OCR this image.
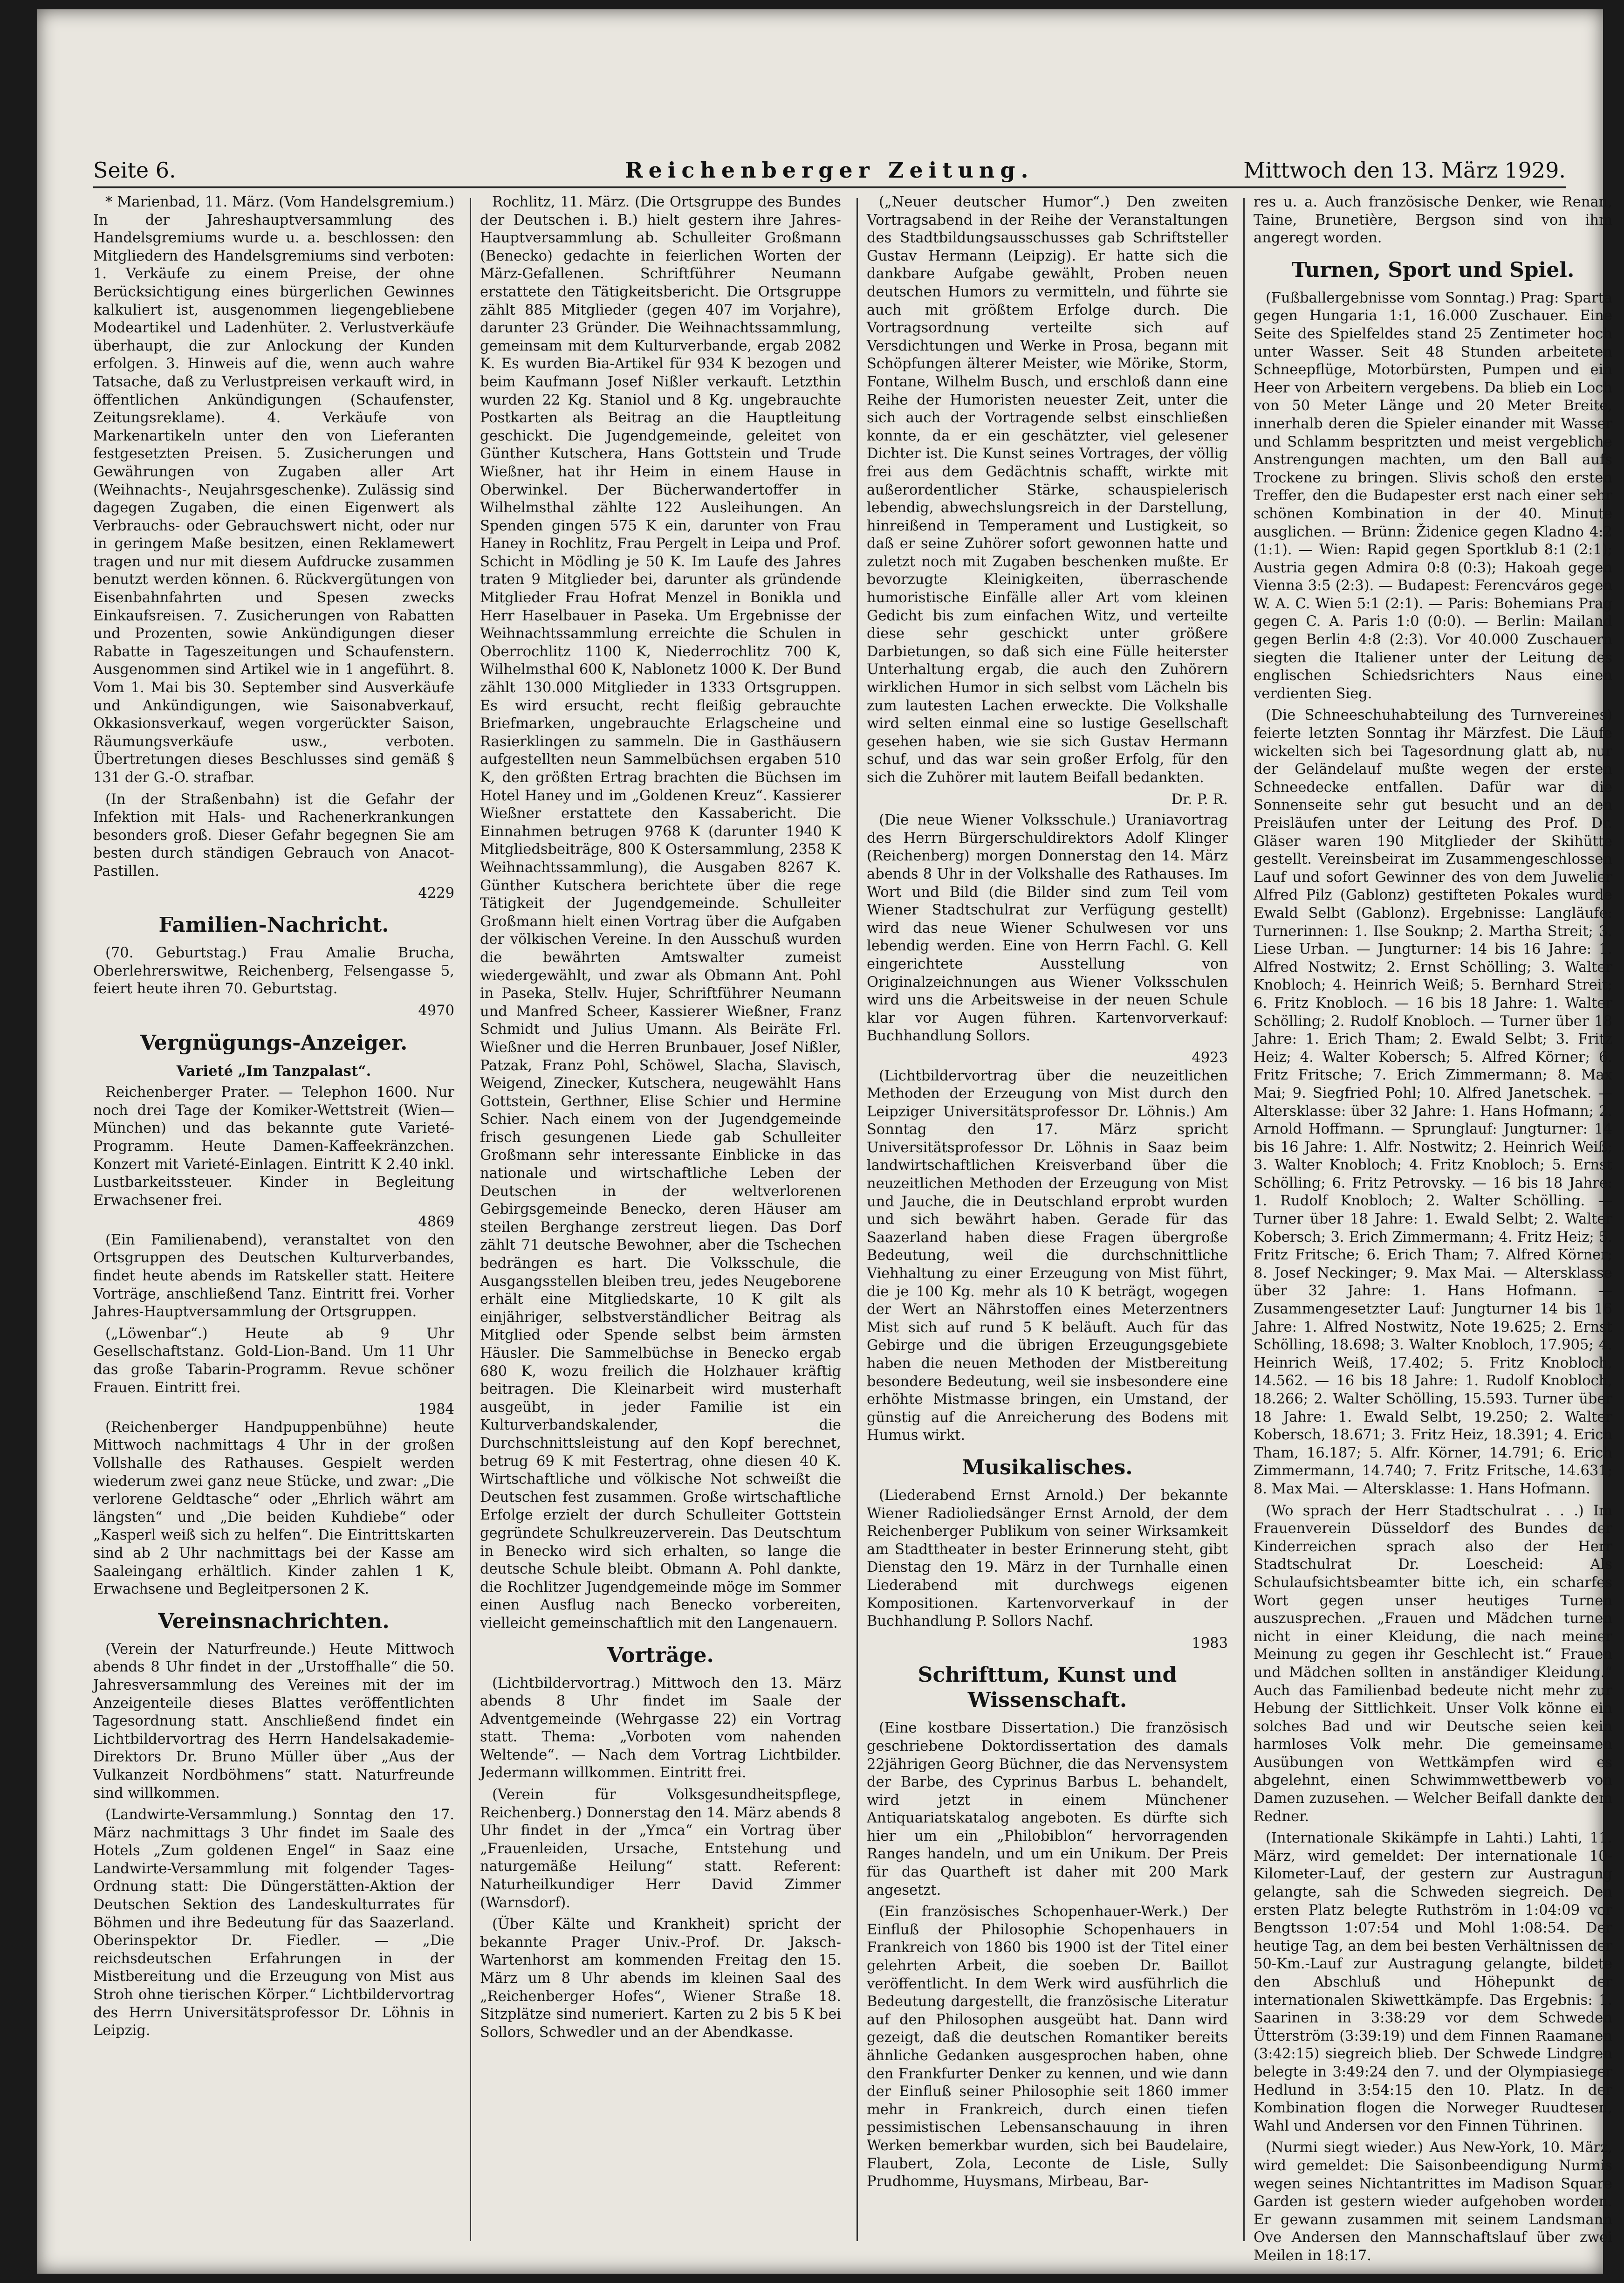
Seite 6.	Reichenberger Zeitung.	Mittwoch den 13. März 1929.

* Marienbad, 11. März. (Vom Handelsgremium.) In der Jahreshauptversammlung des Handelsgremiums wurde u. a. beschlossen: den Mitgliedern des Handelsgremiums sind verboten: 1. Verkäufe zu einem Preise, der ohne Berücksichtigung eines bürgerlichen Gewinnes kalkuliert ist, ausgenommen liegengebliebene Modeartikel und Ladenhüter. 2. Verlustverkäufe überhaupt, die zur Anlockung der Kunden erfolgen. 3. Hinweis auf die, wenn auch wahre Tatsache, daß zu Verlustpreisen verkauft wird, in öffentlichen Ankündigungen (Schaufenster, Zeitungsreklame). 4. Verkäufe von Markenartikeln unter den von Lieferanten festgesetzten Preisen. 5. Zusicherungen und Gewährungen von Zugaben aller Art (Weihnachts-, Neujahrsgeschenke). Zulässig sind dagegen Zugaben, die einen Eigenwert als Verbrauchs- oder Gebrauchswert nicht, oder nur in geringem Maße besitzen, einen Reklamewert tragen und nur mit diesem Aufdrucke zusammen benutzt werden können. 6. Rückvergütungen von Eisenbahnfahrten und Spesen zwecks Einkaufsreisen. 7. Zusicherungen von Rabatten und Prozenten, sowie Ankündigungen dieser Rabatte in Tageszeitungen und Schaufenstern. Ausgenommen sind Artikel wie in 1 angeführt. 8. Vom 1. Mai bis 30. September sind Ausverkäufe und Ankündigungen, wie Saisonabverkauf, Okkasionsverkauf, wegen vorgerückter Saison, Räumungsverkäufe usw., verboten. Übertretungen dieses Beschlusses sind gemäß § 131 der G.-O. strafbar.

(In der Straßenbahn) ist die Gefahr der Infektion mit Hals- und Rachenerkrankungen besonders groß. Dieser Gefahr begegnen Sie am besten durch ständigen Gebrauch von Anacot-Pastillen.

4229
Familien-Nachricht.

(70. Geburtstag.) Frau Amalie Brucha, Oberlehrerswitwe, Reichenberg, Felsengasse 5, feiert heute ihren 70. Geburtstag.

4970
Vergnügungs-Anzeiger.

Varieté „Im Tanzpalast“.

Reichenberger Prater. — Telephon 1600. Nur noch drei Tage der Komiker-Wettstreit (Wien—München) und das bekannte gute Varieté-Programm. Heute Damen-Kaffeekränzchen. Konzert mit Varieté-Einlagen. Eintritt K 2.40 inkl. Lustbarkeitssteuer. Kinder in Begleitung Erwachsener frei.

4869

(Ein Familienabend), veranstaltet von den Ortsgruppen des Deutschen Kulturverbandes, findet heute abends im Ratskeller statt. Heitere Vorträge, anschließend Tanz. Eintritt frei. Vorher Jahres-Hauptversammlung der Ortsgruppen.

(„Löwenbar“.) Heute ab 9 Uhr Gesellschaftstanz. Gold-Lion-Band. Um 11 Uhr das große Tabarin-Programm. Revue schöner Frauen. Eintritt frei.

1984

(Reichenberger Handpuppenbühne) heute Mittwoch nachmittags 4 Uhr in der großen Vollshalle des Rathauses. Gespielt werden wiederum zwei ganz neue Stücke, und zwar: „Die verlorene Geldtasche“ oder „Ehrlich währt am längsten“ und „Die beiden Kuhdiebe“ oder „Kasperl weiß sich zu helfen“. Die Eintrittskarten sind ab 2 Uhr nachmittags bei der Kasse am Saaleingang erhältlich. Kinder zahlen 1 K, Erwachsene und Begleitpersonen 2 K.

Vereinsnachrichten.

(Verein der Naturfreunde.) Heute Mittwoch abends 8 Uhr findet in der „Urstoffhalle“ die 50. Jahresversammlung des Vereines mit der im Anzeigenteile dieses Blattes veröffentlichten Tagesordnung statt. Anschließend findet ein Lichtbildervortrag des Herrn Handelsakademie-Direktors Dr. Bruno Müller über „Aus der Vulkanzeit Nordböhmens“ statt. Naturfreunde sind willkommen.

(Landwirte-Versammlung.) Sonntag den 17. März nachmittags 3 Uhr findet im Saale des Hotels „Zum goldenen Engel“ in Saaz eine Landwirte-Versammlung mit folgender Tages-Ordnung statt: Die Düngerstätten-Aktion der Deutschen Sektion des Landeskulturrates für Böhmen und ihre Bedeutung für das Saazerland. Oberinspektor Dr. Fiedler. — „Die reichsdeutschen Erfahrungen in der Mistbereitung und die Erzeugung von Mist aus Stroh ohne tierischen Körper.“ Lichtbildervortrag des Herrn Universitätsprofessor Dr. Löhnis in Leipzig.

Rochlitz, 11. März. (Die Ortsgruppe des Bundes der Deutschen i. B.) hielt gestern ihre Jahres-Hauptversammlung ab. Schulleiter Großmann (Benecko) gedachte in feierlichen Worten der März-Gefallenen. Schriftführer Neumann erstattete den Tätigkeitsbericht. Die Ortsgruppe zählt 885 Mitglieder (gegen 407 im Vorjahre), darunter 23 Gründer. Die Weihnachtssammlung, gemeinsam mit dem Kulturverbande, ergab 2082 K. Es wurden Bia-Artikel für 934 K bezogen und beim Kaufmann Josef Nißler verkauft. Letzthin wurden 22 Kg. Staniol und 8 Kg. ungebrauchte Postkarten als Beitrag an die Hauptleitung geschickt. Die Jugendgemeinde, geleitet von Günther Kutschera, Hans Gottstein und Trude Wießner, hat ihr Heim in einem Hause in Oberwinkel. Der Bücherwandertoffer in Wilhelmsthal zählte 122 Ausleihungen. An Spenden gingen 575 K ein, darunter von Frau Haney in Rochlitz, Frau Pergelt in Leipa und Prof. Schicht in Mödling je 50 K. Im Laufe des Jahres traten 9 Mitglieder bei, darunter als gründende Mitglieder Frau Hofrat Menzel in Bonikla und Herr Haselbauer in Paseka. Um Ergebnisse der Weihnachtssammlung erreichte die Schulen in Oberrochlitz 1100 K, Niederrochlitz 700 K, Wilhelmsthal 600 K, Nablonetz 1000 K. Der Bund zählt 130.000 Mitglieder in 1333 Ortsgruppen. Es wird ersucht, recht fleißig gebrauchte Briefmarken, ungebrauchte Erlagscheine und Rasierklingen zu sammeln. Die in Gasthäusern aufgestellten neun Sammelbüchsen ergaben 510 K, den größten Ertrag brachten die Büchsen im Hotel Haney und im „Goldenen Kreuz“. Kassierer Wießner erstattete den Kassabericht. Die Einnahmen betrugen 9768 K (darunter 1940 K Mitgliedsbeiträge, 800 K Ostersammlung, 2358 K Weihnachtssammlung), die Ausgaben 8267 K. Günther Kutschera berichtete über die rege Tätigkeit der Jugendgemeinde. Schulleiter Großmann hielt einen Vortrag über die Aufgaben der völkischen Vereine. In den Ausschuß wurden die bewährten Amtswalter zumeist wiedergewählt, und zwar als Obmann Ant. Pohl in Paseka, Stellv. Hujer, Schriftführer Neumann und Manfred Scheer, Kassierer Wießner, Franz Schmidt und Julius Umann. Als Beiräte Frl. Wießner und die Herren Brunbauer, Josef Nißler, Patzak, Franz Pohl, Schöwel, Slacha, Slavisch, Weigend, Zinecker, Kutschera, neugewählt Hans Gottstein, Gerthner, Elise Schier und Hermine Schier. Nach einem von der Jugendgemeinde frisch gesungenen Liede gab Schulleiter Großmann sehr interessante Einblicke in das nationale und wirtschaftliche Leben der Deutschen in der weltverlorenen Gebirgsgemeinde Benecko, deren Häuser am steilen Berghange zerstreut liegen. Das Dorf zählt 71 deutsche Bewohner, aber die Tschechen bedrängen es hart. Die Volksschule, die Ausgangsstellen bleiben treu, jedes Neugeborene erhält eine Mitgliedskarte, 10 K gilt als einjähriger, selbstverständlicher Beitrag als Mitglied oder Spende selbst beim ärmsten Häusler. Die Sammelbüchse in Benecko ergab 680 K, wozu freilich die Holzhauer kräftig beitragen. Die Kleinarbeit wird musterhaft ausgeübt, in jeder Familie ist ein Kulturverbandskalender, die Durchschnittsleistung auf den Kopf berechnet, betrug 69 K mit Festertrag, ohne diesen 40 K. Wirtschaftliche und völkische Not schweißt die Deutschen fest zusammen. Große wirtschaftliche Erfolge erzielt der durch Schulleiter Gottstein gegründete Schulkreuzerverein. Das Deutschtum in Benecko wird sich erhalten, so lange die deutsche Schule bleibt. Obmann A. Pohl dankte, die Rochlitzer Jugendgemeinde möge im Sommer einen Ausflug nach Benecko vorbereiten, vielleicht gemeinschaftlich mit den Langenauern.

Vorträge.

(Lichtbildervortrag.) Mittwoch den 13. März abends 8 Uhr findet im Saale der Adventgemeinde (Wehrgasse 22) ein Vortrag statt. Thema: „Vorboten vom nahenden Weltende“. — Nach dem Vortrag Lichtbilder. Jedermann willkommen. Eintritt frei.

(Verein für Volksgesundheitspflege, Reichenberg.) Donnerstag den 14. März abends 8 Uhr findet in der „Ymca“ ein Vortrag über „Frauenleiden, Ursache, Entstehung und naturgemäße Heilung“ statt. Referent: Naturheilkundiger Herr David Zimmer (Warnsdorf).

(Über Kälte und Krankheit) spricht der bekannte Prager Univ.-Prof. Dr. Jaksch-Wartenhorst am kommenden Freitag den 15. März um 8 Uhr abends im kleinen Saal des „Reichenberger Hofes“, Wiener Straße 18. Sitzplätze sind numeriert. Karten zu 2 bis 5 K bei Sollors, Schwedler und an der Abendkasse.

(„Neuer deutscher Humor“.) Den zweiten Vortragsabend in der Reihe der Veranstaltungen des Stadtbildungsausschusses gab Schriftsteller Gustav Hermann (Leipzig). Er hatte sich die dankbare Aufgabe gewählt, Proben neuen deutschen Humors zu vermitteln, und führte sie auch mit größtem Erfolge durch. Die Vortragsordnung verteilte sich auf Versdichtungen und Werke in Prosa, begann mit Schöpfungen älterer Meister, wie Mörike, Storm, Fontane, Wilhelm Busch, und erschloß dann eine Reihe der Humoristen neuester Zeit, unter die sich auch der Vortragende selbst einschließen konnte, da er ein geschätzter, viel gelesener Dichter ist. Die Kunst seines Vortrages, der völlig frei aus dem Gedächtnis schafft, wirkte mit außerordentlicher Stärke, schauspielerisch lebendig, abwechslungsreich in der Darstellung, hinreißend in Temperament und Lustigkeit, so daß er seine Zuhörer sofort gewonnen hatte und zuletzt noch mit Zugaben beschenken mußte. Er bevorzugte Kleinigkeiten, überraschende humoristische Einfälle aller Art vom kleinen Gedicht bis zum einfachen Witz, und verteilte diese sehr geschickt unter größere Darbietungen, so daß sich eine Fülle heiterster Unterhaltung ergab, die auch den Zuhörern wirklichen Humor in sich selbst vom Lächeln bis zum lautesten Lachen erweckte. Die Volkshalle wird selten einmal eine so lustige Gesellschaft gesehen haben, wie sie sich Gustav Hermann schuf, und das war sein großer Erfolg, für den sich die Zuhörer mit lautem Beifall bedankten.

Dr. P. R.

(Die neue Wiener Volksschule.) Uraniavortrag des Herrn Bürgerschuldirektors Adolf Klinger (Reichenberg) morgen Donnerstag den 14. März abends 8 Uhr in der Volkshalle des Rathauses. Im Wort und Bild (die Bilder sind zum Teil vom Wiener Stadtschulrat zur Verfügung gestellt) wird das neue Wiener Schulwesen vor uns lebendig werden. Eine von Herrn Fachl. G. Kell eingerichtete Ausstellung von Originalzeichnungen aus Wiener Volksschulen wird uns die Arbeitsweise in der neuen Schule klar vor Augen führen. Kartenvorverkauf: Buchhandlung Sollors.

4923

(Lichtbildervortrag über die neuzeitlichen Methoden der Erzeugung von Mist durch den Leipziger Universitätsprofessor Dr. Löhnis.) Am Sonntag den 17. März spricht Universitätsprofessor Dr. Löhnis in Saaz beim landwirtschaftlichen Kreisverband über die neuzeitlichen Methoden der Erzeugung von Mist und Jauche, die in Deutschland erprobt wurden und sich bewährt haben. Gerade für das Saazerland haben diese Fragen übergroße Bedeutung, weil die durchschnittliche Viehhaltung zu einer Erzeugung von Mist führt, die je 100 Kg. mehr als 10 K beträgt, wogegen der Wert an Nährstoffen eines Meterzentners Mist sich auf rund 5 K beläuft. Auch für das Gebirge und die übrigen Erzeugungsgebiete haben die neuen Methoden der Mistbereitung besondere Bedeutung, weil sie insbesondere eine erhöhte Mistmasse bringen, ein Umstand, der günstig auf die Anreicherung des Bodens mit Humus wirkt.

Musikalisches.

(Liederabend Ernst Arnold.) Der bekannte Wiener Radioliedsänger Ernst Arnold, der dem Reichenberger Publikum von seiner Wirksamkeit am Stadttheater in bester Erinnerung steht, gibt Dienstag den 19. März in der Turnhalle einen Liederabend mit durchwegs eigenen Kompositionen. Kartenvorverkauf in der Buchhandlung P. Sollors Nachf.

1983
Schrifttum, Kunst und Wissenschaft.

(Eine kostbare Dissertation.) Die französisch geschriebene Doktordissertation des damals 22jährigen Georg Büchner, die das Nervensystem der Barbe, des Cyprinus Barbus L. behandelt, wird jetzt in einem Münchener Antiquariatskatalog angeboten. Es dürfte sich hier um ein „Philobiblon“ hervorragenden Ranges handeln, und um ein Unikum. Der Preis für das Quartheft ist daher mit 200 Mark angesetzt.

(Ein französisches Schopenhauer-Werk.) Der Einfluß der Philosophie Schopenhauers in Frankreich von 1860 bis 1900 ist der Titel einer gelehrten Arbeit, die soeben Dr. Baillot veröffentlicht. In dem Werk wird ausführlich die Bedeutung dargestellt, die französische Literatur auf den Philosophen ausgeübt hat. Dann wird gezeigt, daß die deutschen Romantiker bereits ähnliche Gedanken ausgesprochen haben, ohne den Frankfurter Denker zu kennen, und wie dann der Einfluß seiner Philosophie seit 1860 immer mehr in Frankreich, durch einen tiefen pessimistischen Lebensanschauung in ihren Werken bemerkbar wurden, sich bei Baudelaire, Flaubert, Zola, Leconte de Lisle, Sully Prudhomme, Huysmans, Mirbeau, Bar-

res u. a. Auch französische Denker, wie Renan, Taine, Brunetière, Bergson sind von ihm angeregt worden.

Turnen, Sport und Spiel.

(Fußballergebnisse vom Sonntag.) Prag: Sparta gegen Hungaria 1:1, 16.000 Zuschauer. Eine Seite des Spielfeldes stand 25 Zentimeter hoch unter Wasser. Seit 48 Stunden arbeiteten Schneepflüge, Motorbürsten, Pumpen und ein Heer von Arbeitern vergebens. Da blieb ein Loch von 50 Meter Länge und 20 Meter Breite, innerhalb deren die Spieler einander mit Wasser und Schlamm bespritzten und meist vergebliche Anstrengungen machten, um den Ball aufs Trockene zu bringen. Slivis schoß den ersten Treffer, den die Budapester erst nach einer sehr schönen Kombination in der 40. Minute ausglichen. — Brünn: Židenice gegen Kladno 4:2 (1:1). — Wien: Rapid gegen Sportklub 8:1 (2:1); Austria gegen Admira 0:8 (0:3); Hakoah gegen Vienna 3:5 (2:3). — Budapest: Ferencváros gegen W. A. C. Wien 5:1 (2:1). — Paris: Bohemians Prag gegen C. A. Paris 1:0 (0:0). — Berlin: Mailand gegen Berlin 4:8 (2:3). Vor 40.000 Zuschauern siegten die Italiener unter der Leitung des englischen Schiedsrichters Naus einen verdienten Sieg.

(Die Schneeschuhabteilung des Turnvereines) feierte letzten Sonntag ihr Märzfest. Die Läufe wickelten sich bei Tagesordnung glatt ab, nur der Geländelauf mußte wegen der ersten Schneedecke entfallen. Dafür war die Sonnenseite sehr gut besucht und an den Preisläufen unter der Leitung des Prof. Dr. Gläser waren 190 Mitglieder der Skihütte gestellt. Vereinsbeirat im Zusammengeschlossen Lauf und sofort Gewinner des von dem Juwelier Alfred Pilz (Gablonz) gestifteten Pokales wurde Ewald Selbt (Gablonz). Ergebnisse: Langläufe: Turnerinnen: 1. Ilse Souknp; 2. Martha Streit; 3. Liese Urban. — Jungturner: 14 bis 16 Jahre: 1. Alfred Nostwitz; 2. Ernst Schölling; 3. Walter Knobloch; 4. Heinrich Weiß; 5. Bernhard Streit; 6. Fritz Knobloch. — 16 bis 18 Jahre: 1. Walter Schölling; 2. Rudolf Knobloch. — Turner über 18 Jahre: 1. Erich Tham; 2. Ewald Selbt; 3. Fritz Heiz; 4. Walter Kobersch; 5. Alfred Körner; 6. Fritz Fritsche; 7. Erich Zimmermann; 8. Max Mai; 9. Siegfried Pohl; 10. Alfred Janetschek. — Altersklasse: über 32 Jahre: 1. Hans Hofmann; 2. Arnold Hoffmann. — Sprunglauf: Jungturner: 14 bis 16 Jahre: 1. Alfr. Nostwitz; 2. Heinrich Weiß; 3. Walter Knobloch; 4. Fritz Knobloch; 5. Ernst Schölling; 6. Fritz Petrovsky. — 16 bis 18 Jahre: 1. Rudolf Knobloch; 2. Walter Schölling. — Turner über 18 Jahre: 1. Ewald Selbt; 2. Walter Kobersch; 3. Erich Zimmermann; 4. Fritz Heiz; 5. Fritz Fritsche; 6. Erich Tham; 7. Alfred Körner; 8. Josef Neckinger; 9. Max Mai. — Altersklasse über 32 Jahre: 1. Hans Hofmann. — Zusammengesetzter Lauf: Jungturner 14 bis 16 Jahre: 1. Alfred Nostwitz, Note 19.625; 2. Ernst Schölling, 18.698; 3. Walter Knobloch, 17.905; 4. Heinrich Weiß, 17.402; 5. Fritz Knobloch, 14.562. — 16 bis 18 Jahre: 1. Rudolf Knobloch, 18.266; 2. Walter Schölling, 15.593. Turner über 18 Jahre: 1. Ewald Selbt, 19.250; 2. Walter Kobersch, 18.671; 3. Fritz Heiz, 18.391; 4. Erich Tham, 16.187; 5. Alfr. Körner, 14.791; 6. Erich Zimmermann, 14.740; 7. Fritz Fritsche, 14.631; 8. Max Mai. — Altersklasse: 1. Hans Hofmann.

(Wo sprach der Herr Stadtschulrat . . .) Im Frauenverein Düsseldorf des Bundes der Kinderreichen sprach also der Herr Stadtschulrat Dr. Loescheid: Als Schulaufsichtsbeamter bitte ich, ein scharfes Wort gegen unser heutiges Turnen auszusprechen. „Frauen und Mädchen turnen nicht in einer Kleidung, die nach meiner Meinung zu gegen ihr Geschlecht ist.“ Frauen und Mädchen sollten in anständiger Kleidung.“ Auch das Familienbad bedeute nicht mehr zur Hebung der Sittlichkeit. Unser Volk könne ein solches Bad und wir Deutsche seien kein harmloses Volk mehr. Die gemeinsamen Ausübungen von Wettkämpfen wird es abgelehnt, einen Schwimmwettbewerb von Damen zuzusehen. — Welcher Beifall dankte dem Redner.

(Internationale Skikämpfe in Lahti.) Lahti, 11. März, wird gemeldet: Der internationale 10-Kilometer-Lauf, der gestern zur Austragung gelangte, sah die Schweden siegreich. Den ersten Platz belegte Ruthström in 1:04:09 vor Bengtsson 1:07:54 und Mohl 1:08:54. Der heutige Tag, an dem bei besten Verhältnissen der 50-Km.-Lauf zur Austragung gelangte, bildete den Abschluß und Höhepunkt der internationalen Skiwettkämpfe. Das Ergebnis: 1. Saarinen in 3:38:29 vor dem Schweden Ütterström (3:39:19) und dem Finnen Raamanen (3:42:15) siegreich blieb. Der Schwede Lindgren belegte in 3:49:24 den 7. und der Olympiasieger Hedlund in 3:54:15 den 10. Platz. In der Kombination flogen die Norweger Ruudtesen, Wahl und Andersen vor den Finnen Tührinen.

(Nurmi siegt wieder.) Aus New-York, 10. März, wird gemeldet: Die Saisonbeendigung Nurmis wegen seines Nichtantrittes im Madison Square Garden ist gestern wieder aufgehoben worden. Er gewann zusammen mit seinem Landsmann Ove Andersen den Mannschaftslauf über zwei Meilen in 18:17.
